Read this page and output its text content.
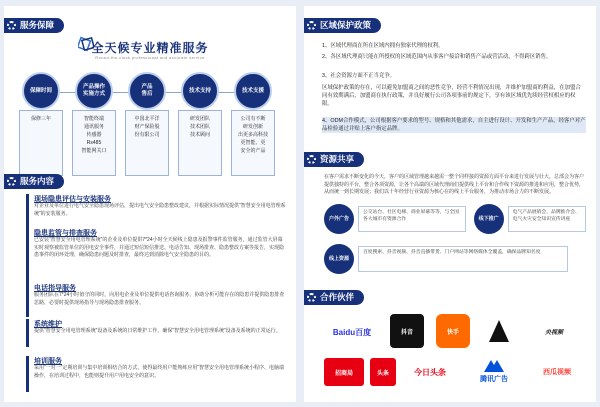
服务保障
全天候专业精准服务
Round-the-clock professional and accurate service
保障时间
产品操作
实施方式
产品
售后
技术支持	技术支援
保修三年	智能终端
通讯服务
传感器
Rs485
智能网关口
中国北平洋
财产保险股
份有限公司
研发团队
技术团队
技术顾问
公司有不断
研发创新
出更多高科技
更智能、更
安全的产品
服务内容
现场隐患评估与安装服务
对企业及单位进行电气安全隐患现场评估，提出电气安全隐患整改建议，并根据实际情况提供“智慧安全用电管理系统”的安装服务。
隐患监管与排查服务
已安装“智慧安全用电管理系统”的企业及单位提供7*24小时全天候线上隐患及报警事件监管服务，通过监管大屏幕实时观察被监管单位的用电安全事件，并通过短信短信推送、电话告知、现场排查、隐患整改方案等报告，实现隐患事件的闭环处理，确保隐患问题及时排查，最终达到消除电气安全隐患的目的。
电话指导服务
服务团队在7*24小时值守的同时，向用电企业及单位提供电话咨询服务，协助分析可能存在的隐患并提供隐患排查思路，必要时提供现场指导与现场隐患排查服务。
系统维护
提供“智慧安全用电管理系统”设备及系统的日常维护工作，确保“智慧安全用电管理系统”设备及系统的正常运行。
培训服务
采用“一对一”定期培训与集中培训相结合的方式，使得最终用户能熟练应用“智慧安全用电管理系统小程序、电脑端操作，在培训过程中，也能则提升用户用电安全的意识。
区域保护政策
1、区域代理商在所在区域内拥有独家代理的权利。
2、各区域代理商只能在所授权的区域范围内从事客户接洽和销售产品或营活动，不得跨区销售。
3、社会资源方面不正当竞争。
区域保护政策的存在，可以避免加盟商之间的恶性竞争，经营不利情况出现，并维护加盟商的利益，在加盟合同有效期满后，加盟商在执行政策，并良好履行公司各项事前的规定下，享有该区域优先续经营权相应的权限。
4、ODM合作模式，公司根据客户要求的型号、规格和其他需求，自主进行设计、开发和生产产品，经客户对产品检验通过并贴上客户指定品牌。
资源共享
在客户需求不断变化的今天，客户的区域管理越来越需一整个同样接的资源方面平台来进行发展与壮大，总部会为客户提供独特的平台，整合各项资源，让各个高端的区域代理商们提供线上平台和合作线下资源的推进和应用，整合优势，从而统一到长期发展；我们以十年经营行业资源为核心在的线上平台服务，为推动市场合力的不断发展。
户外广告
公交站台、社区电梯、商业屏幕等等，与全国各大城市有资源合作	线下推广
电气产品展销会、品牌推介会、电气火灾安全知识宣传讲座
线上资源
百度搜索、抖音视频、抖音直播带货、门户网站等网络媒体全覆盖，确保品牌知名度
合作伙伴
Baidu百度	抖音	快手	央视频
招商局	头条	今日头条
腾讯广告
西瓜视频
